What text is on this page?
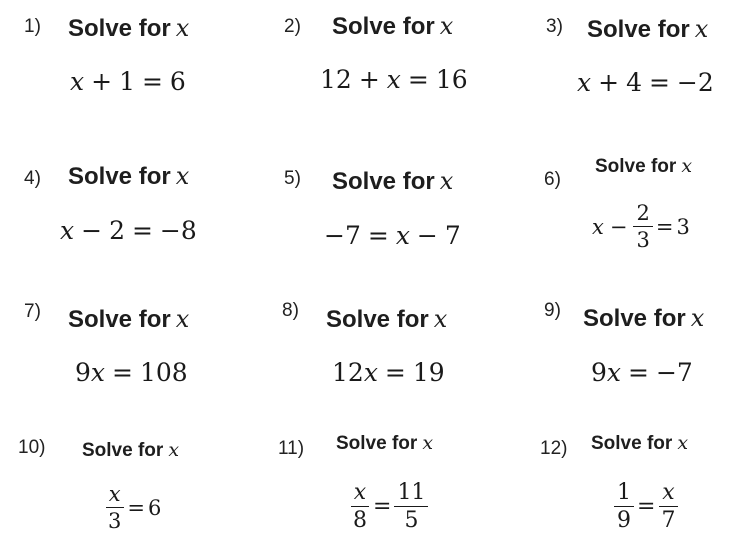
1) Solve for x
x + 1 = 6
2) Solve for x
12 + x = 16
3) Solve for x
x + 4 = −2
4) Solve for x
x − 2 = −8
5) Solve for x
−7 = x − 7
6)
Solve for x
$x - \frac{2}{3} = 3$
7) Solve for x
9x = 108
8) Solve for x
12x = 19
9) Solve for x
9x = −7
10) Solve for x
$\frac{x}{3} = 6$
11) Solve for x
$\frac{x}{8} = \frac{11}{5}$
12) Solve for x
$\frac{1}{9} = \frac{x}{7}$
